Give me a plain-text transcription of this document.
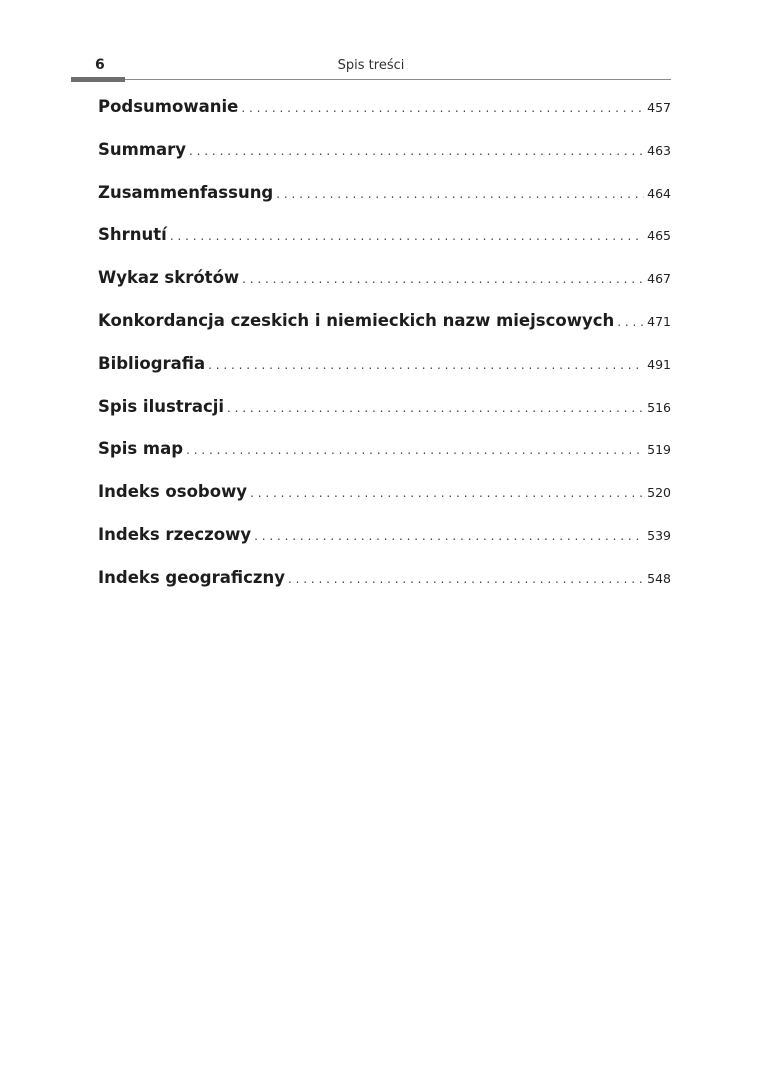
6	Spis treści
Podsumowanie . . .	457
Summary . . .	463
Zusammenfassung . . .	464
Shrnutí . . .	465
Wykaz skrótów . . .	467
Konkordancja czeskich i niemieckich nazw miejscowych . . .	471
Bibliografia . . .	491
Spis ilustracji . . .	516
Spis map . . .	519
Indeks osobowy . . .	520
Indeks rzeczowy . . .	539
Indeks geograficzny . . .	548
